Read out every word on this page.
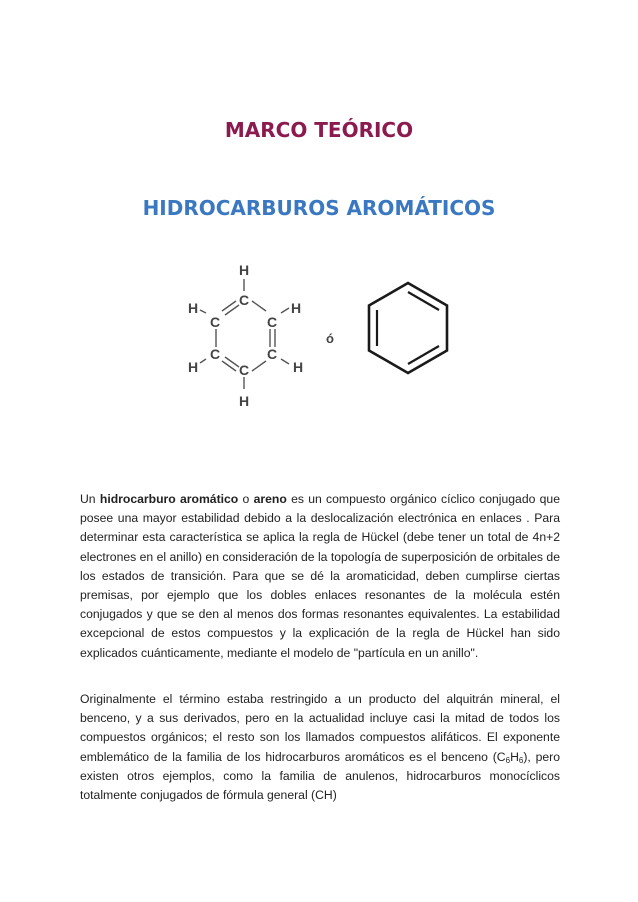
MARCO TEÓRICO
HIDROCARBUROS AROMÁTICOS
H
C
H
C	C
H
C	C
H	H
C
H
ó

Un hidrocarburo aromático o areno es un compuesto orgánico cíclico conjugado que posee una mayor estabilidad debido a la deslocalización electrónica en enlaces . Para determinar esta característica se aplica la regla de Hückel (debe tener un total de 4n+2 electrones en el anillo) en consideración de la topología de superposición de orbitales de los estados de transición. Para que se dé la aromaticidad, deben cumplirse ciertas premisas, por ejemplo que los dobles enlaces resonantes de la molécula estén conjugados y que se den al menos dos formas resonantes equivalentes. La estabilidad excepcional de estos compuestos y la explicación de la regla de Hückel han sido explicados cuánticamente, mediante el modelo de "partícula en un anillo".

Originalmente el término estaba restringido a un producto del alquitrán mineral, el benceno, y a sus derivados, pero en la actualidad incluye casi la mitad de todos los compuestos orgánicos; el resto son los llamados compuestos alifáticos. El exponente emblemático de la familia de los hidrocarburos aromáticos es el benceno $(C_6H_6)$, pero existen otros ejemplos, como la familia de anulenos, hidrocarburos monocíclicos totalmente conjugados de fórmula general (CH)
